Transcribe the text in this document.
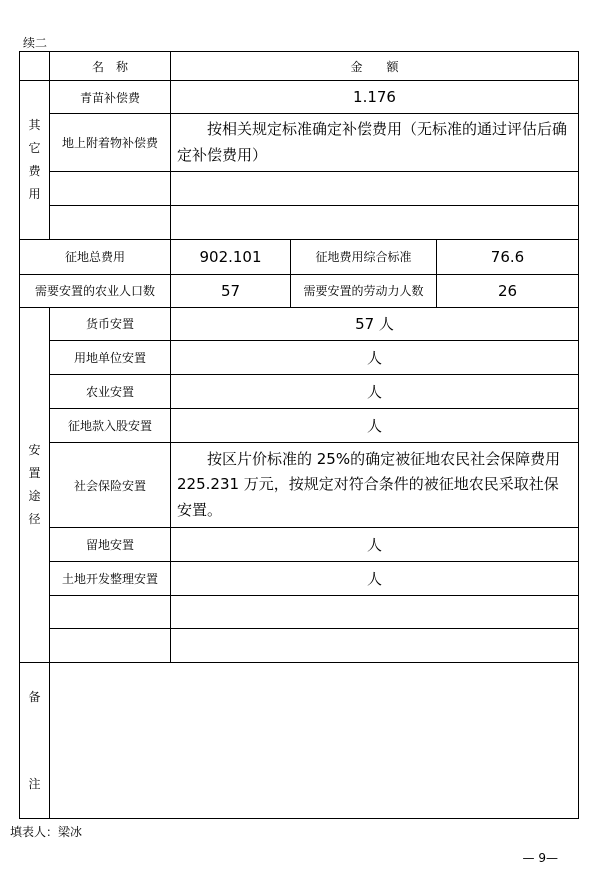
续二
	名　称	金　　额		

其
它
费
用	青苗补偿费	1.176		
	地上附着物补偿费	按相关规定标准确定补偿费用（无标准的通过评估后确定补偿费用）		

征地总费用		902.101	征地费用综合标准	76.6
需要安置的农业人口数		57	需要安置的劳动力人数	26

安
置
途
径	货币安置	57 人		
	用地单位安置	人		
	农业安置	人		
	征地款入股安置	人		
	社会保险安置	按区片价标准的 25%的确定被征地农民社会保障费用 225.231 万元，按规定对符合条件的被征地农民采取社保安置。		
	留地安置	人		
	土地开发整理安置	人		

备
注				

填表人：梁冰
— 9—
